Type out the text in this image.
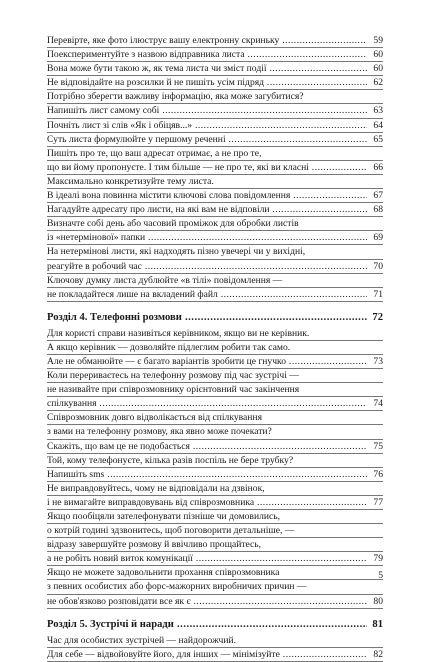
Перевірте, яке фото ілюструє вашу електронну скриньку .....	59
Поекспериментуйте з назвою відправника листа .....	60
Вона може бути такою ж, як тема листа чи зміст події .....	60
Не відповідайте на розсилки й не пишіть усім підряд .....	62
Потрібно зберегти важливу інформацію, яка може загубитися?
Напишіть лист самому собі .....	63
Почніть лист зі слів «Як і обіцяв...» .....	64
Суть листа формулюйте у першому реченні .....	65
Пишіть про те, що ваш адресат отримає, а не про те,
що ви йому пропонуєте. І тим більше — не про те, які ви класні .....	66
Максимально конкретизуйте тему листа.
В ідеалі вона повинна містити ключові слова повідомлення .....	67
Нагадуйте адресату про листи, на які вам не відповіли .....	68
Визначте собі день або часовий проміжок для обробки листів
із «нетермінової» папки .....	69
На нетермінові листи, які надходять пізно увечері чи у вихідні,
реагуйте в робочий час .....	70
Ключову думку листа дублюйте «в тілі» повідомлення —
не покладайтеся лише на вкладений файл .....	71
Розділ 4. Телефонні розмови .....	72
Для користі справи називіться керівником, якщо ви не керівник.
А якщо керівник — дозволяйте підлеглим робити так само.
Але не обманюйте — є багато варіантів зробити це гнучко .....	73
Коли перериваєтесь на телефонну розмову під час зустрічі —
не називайте при співрозмовнику орієнтовний час закінчення
спілкування .....	74
Співрозмовник довго відволікається від спілкування
з вами на телефонну розмову, яка явно може почекати?
Скажіть, що вам це не подобається .....	75
Той, кому телефонуєте, кілька разів поспіль не бере трубку?
Напишіть sms .....	76
Не виправдовуйтесь, чому не відповідали на дзвінок,
і не вимагайте виправдовувань від співрозмовника .....	77
Якщо пообіцяли зателефонувати пізніше чи домовились,
о котрій годині здзвонитесь, щоб поговорити детальніше, —
відразу завершуйте розмову й ввічливо прощайтесь,
а не робіть новий виток комунікації .....	79
Якщо не можете задовольнити прохання співрозмовника
з певних особистих або форс-мажорних виробничих причин —
не обов'язково розповідати все як є .....	80
Розділ 5. Зустрічі й наради .....	81
Час для особистих зустрічей — найдорожчий.
Для себе — відвойовуйте його, для інших — мінімізуйте .....	82
5
